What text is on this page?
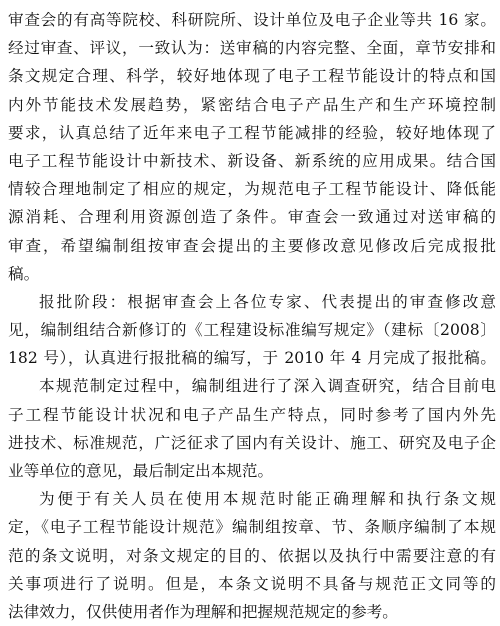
审查会的有高等院校、科研院所、设计单位及电子企业等共 16 家。
经过审查、评议，一致认为：送审稿的内容完整、全面，章节安排和
条文规定合理、科学，较好地体现了电子工程节能设计的特点和国
内外节能技术发展趋势，紧密结合电子产品生产和生产环境控制
要求，认真总结了近年来电子工程节能减排的经验，较好地体现了
电子工程节能设计中新技术、新设备、新系统的应用成果。结合国
情较合理地制定了相应的规定，为规范电子工程节能设计、降低能
源消耗、合理利用资源创造了条件。审查会一致通过对送审稿的
审查，希望编制组按审查会提出的主要修改意见修改后完成报批
稿。
报批阶段：根据审查会上各位专家、代表提出的审查修改意
见，编制组结合新修订的《工程建设标准编写规定》（建标〔2008〕
182 号），认真进行报批稿的编写，于 2010 年 4 月完成了报批稿。
本规范制定过程中，编制组进行了深入调查研究，结合目前电
子工程节能设计状况和电子产品生产特点，同时参考了国内外先
进技术、标准规范，广泛征求了国内有关设计、施工、研究及电子企
业等单位的意见，最后制定出本规范。
为便于有关人员在使用本规范时能正确理解和执行条文规
定，《电子工程节能设计规范》编制组按章、节、条顺序编制了本规
范的条文说明，对条文规定的目的、依据以及执行中需要注意的有
关事项进行了说明。但是，本条文说明不具备与规范正文同等的
法律效力，仅供使用者作为理解和把握规范规定的参考。
